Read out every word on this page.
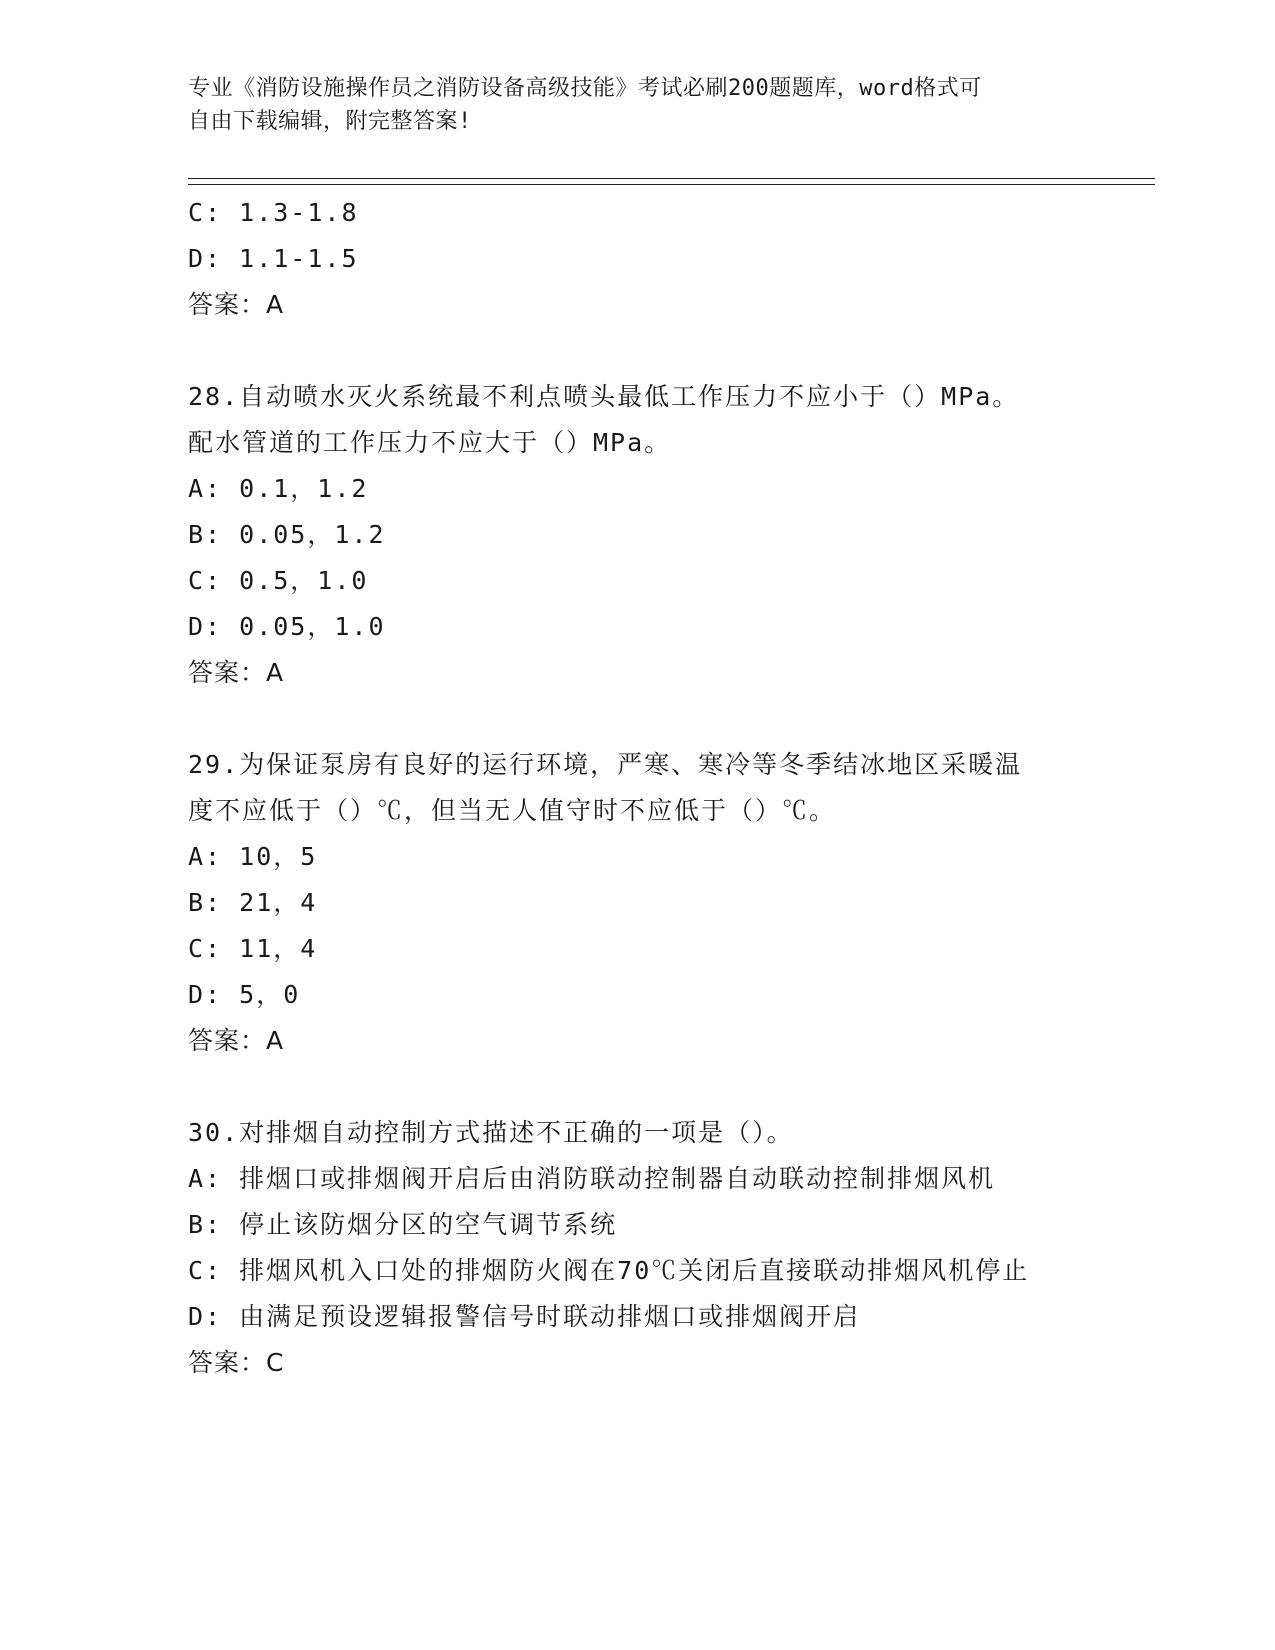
专业《消防设施操作员之消防设备高级技能》考试必刷200题题库，word格式可
自由下载编辑，附完整答案!
C: 1.3-1.8
D: 1.1-1.5
答案：A
28.自动喷水灭火系统最不利点喷头最低工作压力不应小于（）MPa。
配水管道的工作压力不应大于（）MPa。
A: 0.1，1.2
B: 0.05，1.2
C: 0.5，1.0
D: 0.05，1.0
答案：A
29.为保证泵房有良好的运行环境，严寒、寒冷等冬季结冰地区采暖温
度不应低于（）℃，但当无人值守时不应低于（）℃。
A: 10，5
B: 21，4
C: 11，4
D: 5，0
答案：A
30.对排烟自动控制方式描述不正确的一项是（）。
A: 排烟口或排烟阀开启后由消防联动控制器自动联动控制排烟风机
B: 停止该防烟分区的空气调节系统
C: 排烟风机入口处的排烟防火阀在70℃关闭后直接联动排烟风机停止
D: 由满足预设逻辑报警信号时联动排烟口或排烟阀开启
答案：C
